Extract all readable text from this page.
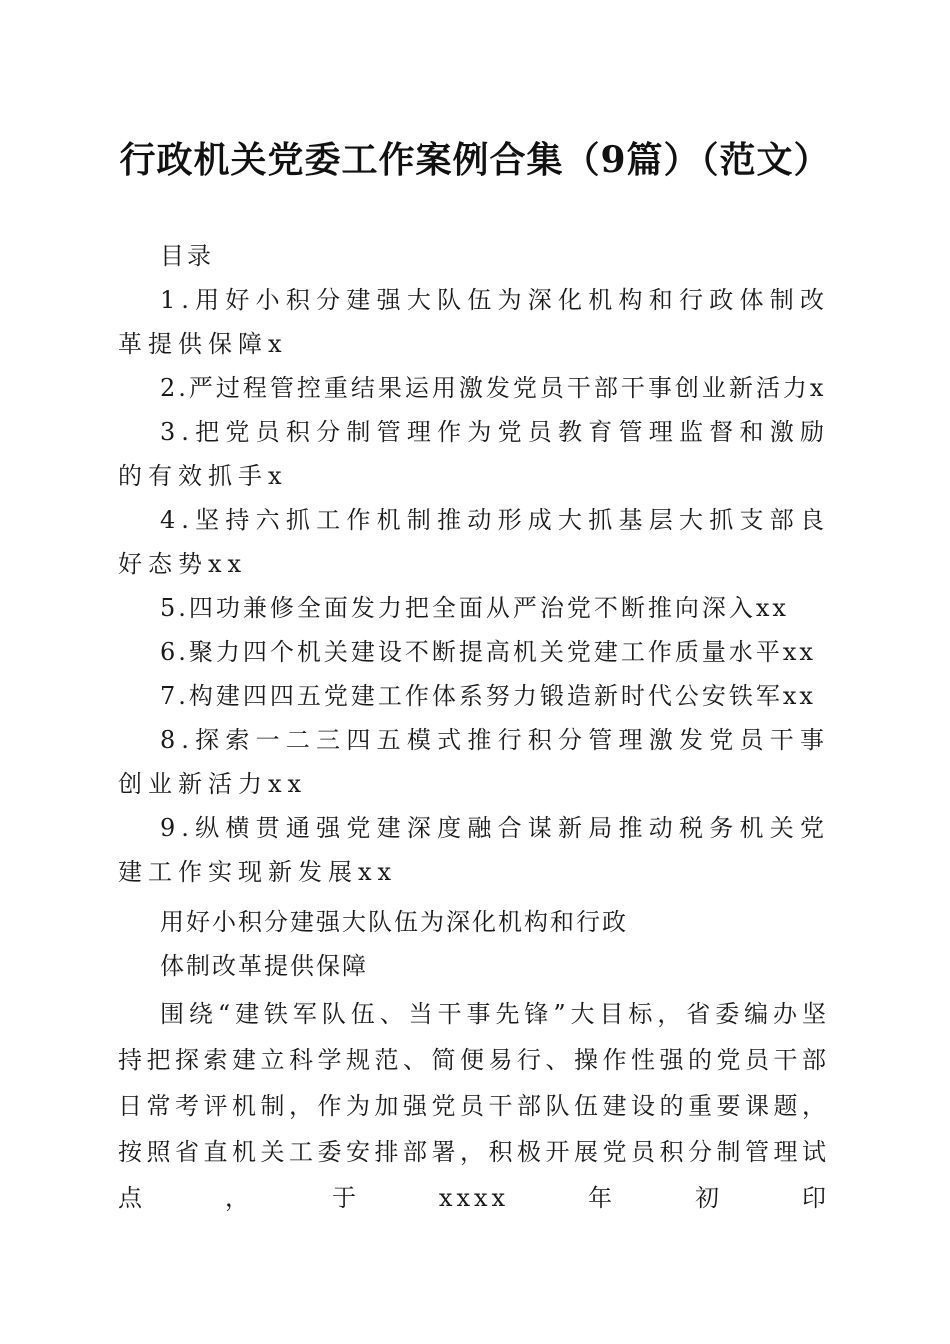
行政机关党委工作案例合集（9篇）（范文）
目录

1.用好小积分建强大队伍为深化机构和行政体制改革提供保障x

2.严过程管控重结果运用激发党员干部干事创业新活力x

3.把党员积分制管理作为党员教育管理监督和激励的有效抓手x

4.坚持六抓工作机制推动形成大抓基层大抓支部良好态势xx

5.四功兼修全面发力把全面从严治党不断推向深入xx

6.聚力四个机关建设不断提高机关党建工作质量水平xx

7.构建四四五党建工作体系努力锻造新时代公安铁军xx

8.探索一二三四五模式推行积分管理激发党员干事创业新活力xx

9.纵横贯通强党建深度融合谋新局推动税务机关党建工作实现新发展xx

用好小积分建强大队伍为深化机构和行政

体制改革提供保障

围绕“建铁军队伍、当干事先锋”大目标，省委编办坚持把探索建立科学规范、简便易行、操作性强的党员干部日常考评机制，作为加强党员干部队伍建设的重要课题，按照省直机关工委安排部署，积极开展党员积分制管理试点，于xxxx年初印
